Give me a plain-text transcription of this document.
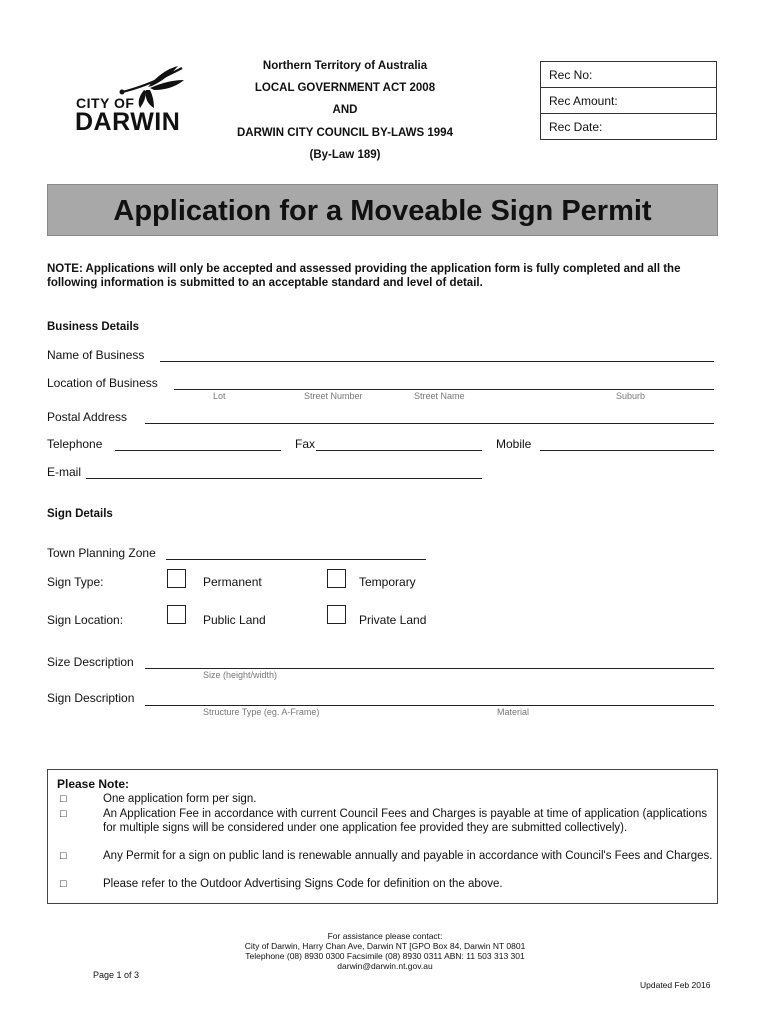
CITY OF
DARWIN
Northern Territory of Australia
LOCAL GOVERNMENT ACT 2008
AND
DARWIN CITY COUNCIL BY-LAWS 1994
(By-Law 189)
Rec No:
Rec Amount:
Rec Date:
Application for a Moveable Sign Permit
NOTE: Applications will only be accepted and assessed providing the application form is fully completed and all the following information is submitted to an acceptable standard and level of detail.
Business Details
Name of Business
Location of Business
Lot	Street Number	Street Name	Suburb
Postal Address
Telephone	Fax	Mobile
E-mail
Sign Details
Town Planning Zone
Sign Type:	Permanent	Temporary
Sign Location:	Public Land	Private Land
Size Description
Size (height/width)
Sign Description
Structure Type (eg. A-Frame)	Material
Please Note:
□	One application form per sign.
□	An Application Fee in accordance with current Council Fees and Charges is payable at time of application (applications for multiple signs will be considered under one application fee provided they are submitted collectively).
□	Any Permit for a sign on public land is renewable annually and payable in accordance with Council's Fees and Charges.
□	Please refer to the Outdoor Advertising Signs Code for definition on the above.
For assistance please contact:
City of Darwin, Harry Chan Ave, Darwin NT [GPO Box 84, Darwin NT 0801
Telephone (08) 8930 0300 Facsimile (08) 8930 0311 ABN: 11 503 313 301
darwin@darwin.nt.gov.au
Page 1 of 3
Updated Feb 2016
